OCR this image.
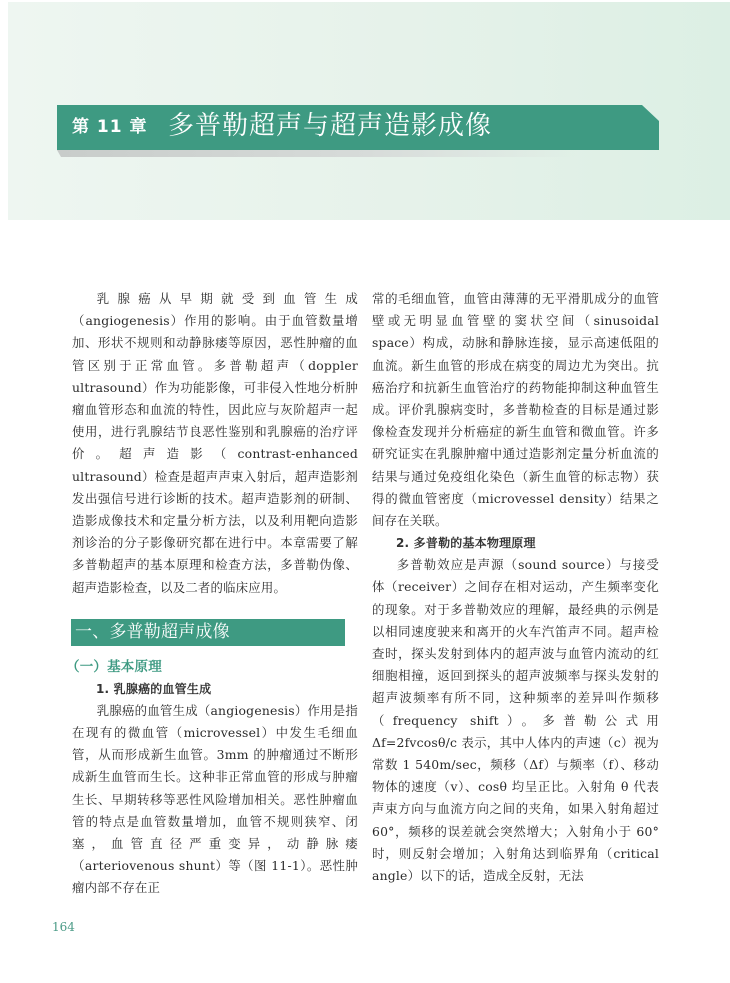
第 11 章 多普勒超声与超声造影成像

乳腺癌从早期就受到血管生成（angiogenesis）作用的影响。由于血管数量增加、形状不规则和动静脉瘘等原因，恶性肿瘤的血管区别于正常血管。多普勒超声（doppler ultrasound）作为功能影像，可非侵入性地分析肿瘤血管形态和血流的特性，因此应与灰阶超声一起使用，进行乳腺结节良恶性鉴别和乳腺癌的治疗评价。超声造影（contrast-enhanced ultrasound）检查是超声声束入射后，超声造影剂发出强信号进行诊断的技术。超声造影剂的研制、造影成像技术和定量分析方法，以及利用靶向造影剂诊治的分子影像研究都在进行中。本章需要了解多普勒超声的基本原理和检查方法，多普勒伪像、超声造影检查，以及二者的临床应用。

一、多普勒超声成像
（一）基本原理
1. 乳腺癌的血管生成

乳腺癌的血管生成（angiogenesis）作用是指在现有的微血管（microvessel）中发生毛细血管，从而形成新生血管。3mm 的肿瘤通过不断形成新生血管而生长。这种非正常血管的形成与肿瘤生长、早期转移等恶性风险增加相关。恶性肿瘤血管的特点是血管数量增加，血管不规则狭窄、闭塞，血管直径严重变异，动静脉瘘（arteriovenous shunt）等（图 11-1）。恶性肿瘤内部不存在正

常的毛细血管，血管由薄薄的无平滑肌成分的血管壁或无明显血管壁的窦状空间（sinusoidal space）构成，动脉和静脉连接，显示高速低阻的血流。新生血管的形成在病变的周边尤为突出。抗癌治疗和抗新生血管治疗的药物能抑制这种血管生成。评价乳腺病变时，多普勒检查的目标是通过影像检查发现并分析癌症的新生血管和微血管。许多研究证实在乳腺肿瘤中通过造影剂定量分析血流的结果与通过免疫组化染色（新生血管的标志物）获得的微血管密度（microvessel density）结果之间存在关联。

2. 多普勒的基本物理原理

多普勒效应是声源（sound source）与接受体（receiver）之间存在相对运动，产生频率变化的现象。对于多普勒效应的理解，最经典的示例是以相同速度驶来和离开的火车汽笛声不同。超声检查时，探头发射到体内的超声波与血管内流动的红细胞相撞，返回到探头的超声波频率与探头发射的超声波频率有所不同，这种频率的差异叫作频移（frequency shift）。多普勒公式用 Δf=2fvcosθ/c 表示，其中人体内的声速（c）视为常数 1 540m/sec，频移（Δf）与频率（f）、移动物体的速度（v）、cosθ 均呈正比。入射角 θ 代表声束方向与血流方向之间的夹角，如果入射角超过 60°，频移的误差就会突然增大；入射角小于 60°时，则反射会增加；入射角达到临界角（critical angle）以下的话，造成全反射，无法

164
